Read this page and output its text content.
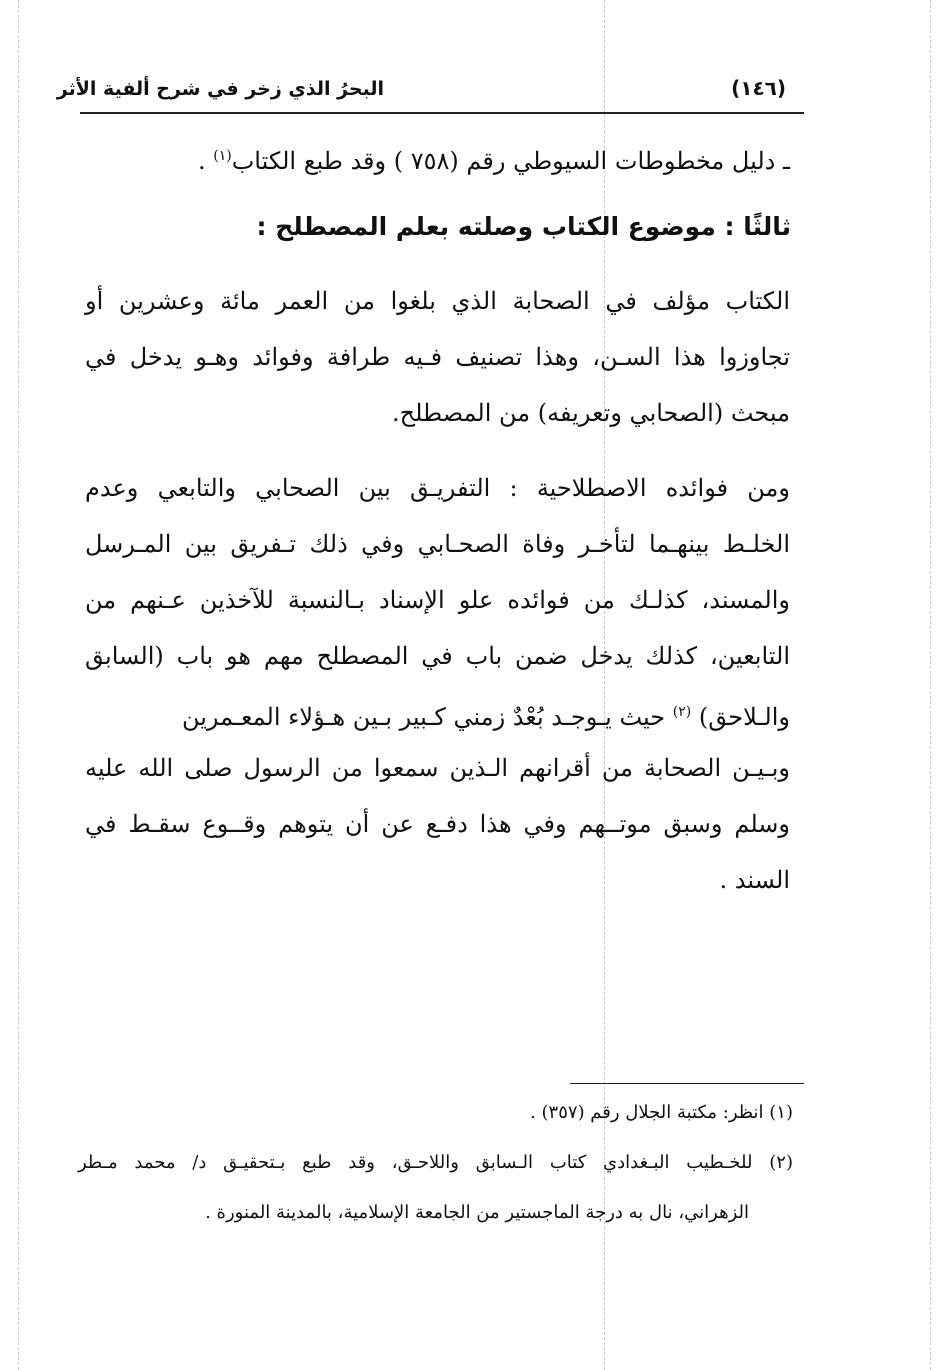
البحرُ الذي زخر في شرح ألفية الأثر	(١٤٦)
ـ دليل مخطوطات السيوطي رقم (٧٥٨ ) وقد طبع الكتاب$^{(١)}$ .
ثالثًا : موضوع الكتاب وصلته بعلم المصطلح :
الكتاب مؤلف في الصحابة الذي بلغوا من العمر مائة وعشرين أو
تجاوزوا هذا السـن، وهذا تصنيف فـيه طرافة وفوائد وهـو يدخل في
مبحث (الصحابي وتعريفه) من المصطلح.
ومن فوائده الاصطلاحية : التفريـق بين الصحابي والتابعي وعدم
الخلـط بينهـما لتأخـر وفاة الصحـابي وفي ذلك تـفريق بين المـرسل
والمسند، كذلـك من فوائده علو الإسناد بـالنسبة للآخذين عـنهم من
التابعين، كذلك يدخل ضمن باب في المصطلح مهم هو باب (السابق
والـلاحق) $^{(٢)}$ حيث يـوجـد بُعْدٌ زمني كـبير بـين هـؤلاء المعـمرين
وبـيـن الصحابة من أقرانهم الـذين سمعوا من الرسول صلى الله عليه
وسلم وسبق موتــهم وفي هذا دفـع عن أن يتوهم وقــوع سقـط في
السند .
(١) انظر: مكتبة الجلال رقم (٣٥٧) .
(٢) للخـطيب البـغدادي كتاب الـسابق واللاحـق، وقد طبع بـتحقيـق د/ محمد مـطر
الزهراني، نال به درجة الماجستير من الجامعة الإسلامية، بالمدينة المنورة .
